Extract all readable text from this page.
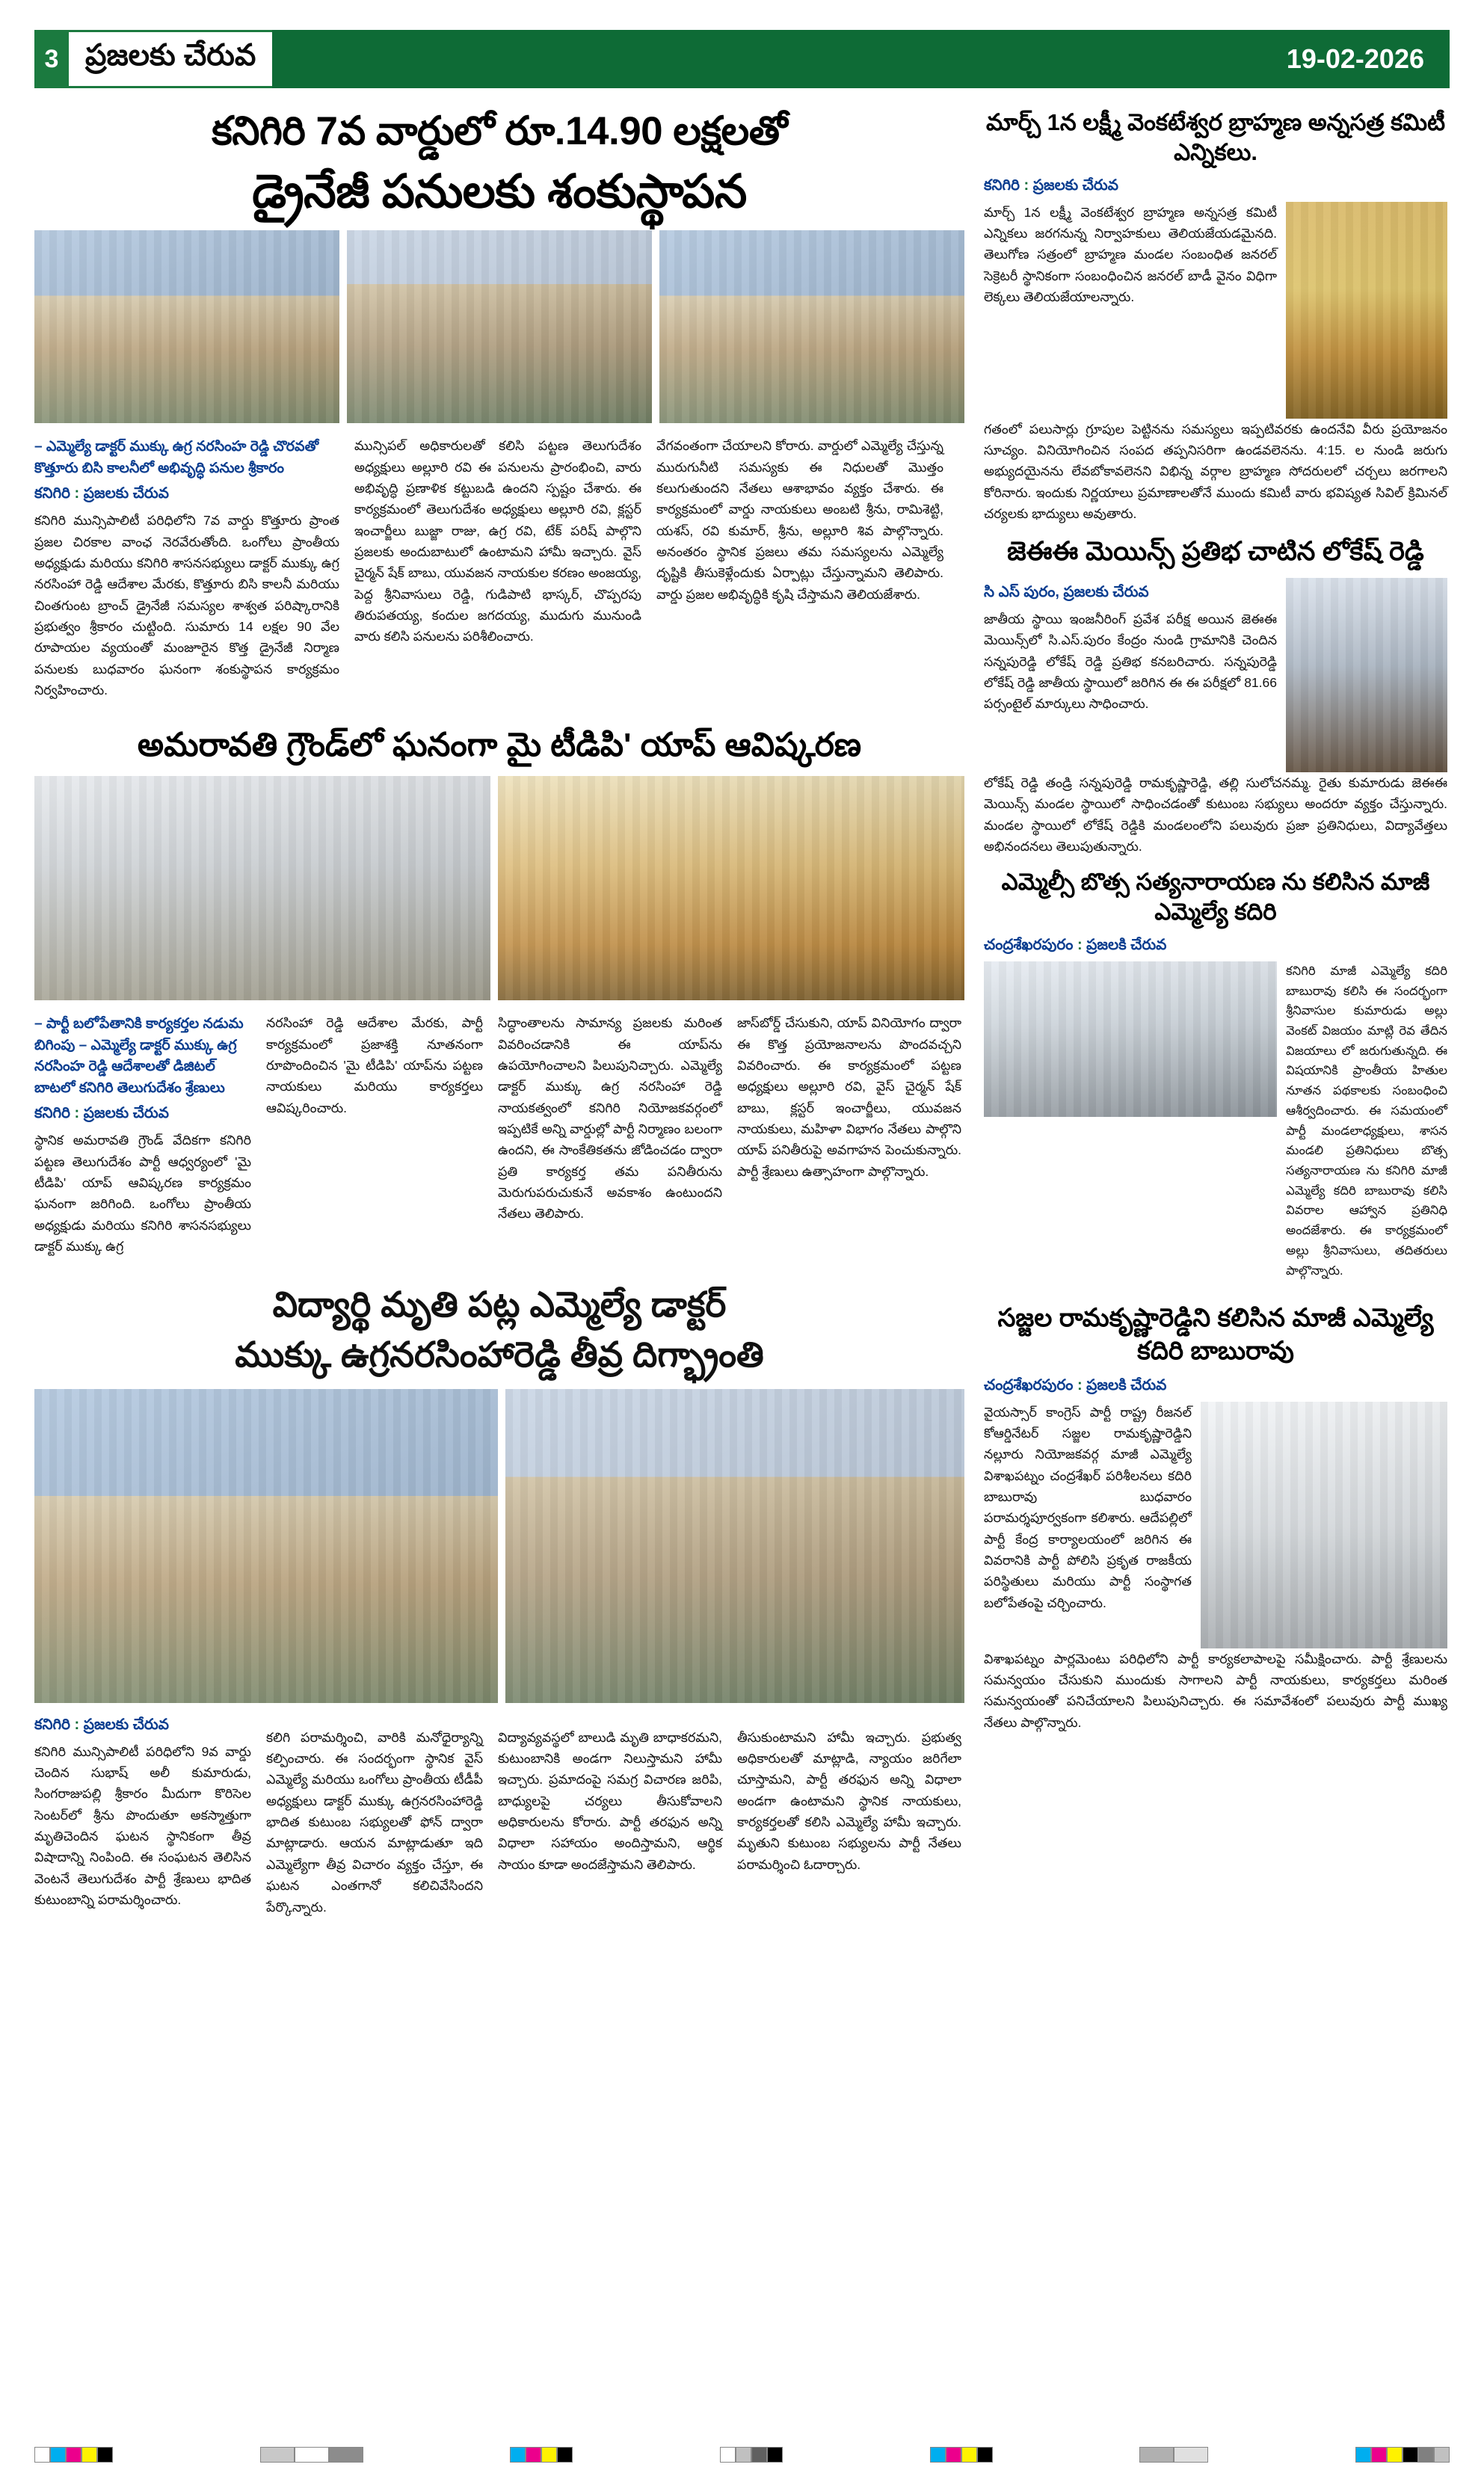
3 ప్రజలకు చేరువ	19-02-2026
కనిగిరి 7వ వార్డులో రూ.14.90 లక్షలతో
డ్రైనేజీ పనులకు శంకుస్థాపన
– ఎమ్మెల్యే డాక్టర్ ముక్కు ఉగ్ర నరసింహ రెడ్డి చొరవతో కొత్తూరు బిసి కాలనీలో అభివృద్ధి పనుల శ్రీకారం
కనిగిరి : ప్రజలకు చేరువ

కనిగిరి మున్సిపాలిటీ పరిధిలోని 7వ వార్డు కొత్తూరు ప్రాంత ప్రజల చిరకాల వాంఛ నెరవేరుతోంది. ఒంగోలు ప్రాంతీయ అధ్యక్షుడు మరియు కనిగిరి శాసనసభ్యులు డాక్టర్ ముక్కు ఉగ్ర నరసింహా రెడ్డి ఆదేశాల మేరకు, కొత్తూరు బిసి కాలనీ మరియు చింతగుంట బ్రాంచ్ డ్రైనేజీ సమస్యల శాశ్వత పరిష్కారానికి ప్రభుత్వం శ్రీకారం చుట్టింది. సుమారు 14 లక్షల 90 వేల రూపాయల వ్యయంతో మంజూరైన కొత్త డ్రైనేజీ నిర్మాణ పనులకు బుధవారం ఘనంగా శంకుస్థాపన కార్యక్రమం నిర్వహించారు.

మున్సిపల్ అధికారులతో కలిసి పట్టణ తెలుగుదేశం అధ్యక్షులు అల్లూరి రవి ఈ పనులను ప్రారంభించి, వారు అభివృద్ధి ప్రణాళిక కట్టుబడి ఉందని స్పష్టం చేశారు. ఈ కార్యక్రమంలో తెలుగుదేశం అధ్యక్షులు అల్లూరి రవి, క్లస్టర్ ఇంచార్జీలు బుజ్జా రాజు, ఉగ్ర రవి, టేక్ పరిష్ పాల్గొని ప్రజలకు అందుబాటులో ఉంటామని హామీ ఇచ్చారు. వైస్ చైర్మన్ షేక్ బాబు, యువజన నాయకుల కరణం అంజయ్య, పెద్ద శ్రీనివాసులు రెడ్డి, గుడిపాటి భాస్కర్, చొప్పరపు తిరుపతయ్య, కందుల జగదయ్య, ముదుగు మునుండి వారు కలిసి పనులను పరిశీలించారు.

వేగవంతంగా చేయాలని కోరారు. వార్డులో ఎమ్మెల్యే చేస్తున్న మురుగునీటి సమస్యకు ఈ నిధులతో మొత్తం కలుగుతుందని నేతలు ఆశాభావం వ్యక్తం చేశారు. ఈ కార్యక్రమంలో వార్డు నాయకులు అంబటి శ్రీను, రామిశెట్టి, యశస్, రవి కుమార్, శ్రీను, అల్లూరి శివ పాల్గొన్నారు. అనంతరం స్థానిక ప్రజలు తమ సమస్యలను ఎమ్మెల్యే దృష్టికి తీసుకెళ్లేందుకు ఏర్పాట్లు చేస్తున్నామని తెలిపారు. వార్డు ప్రజల అభివృద్ధికి కృషి చేస్తామని తెలియజేశారు.

అమరావతి గ్రౌండ్‌లో ఘనంగా మై టీడిపి' యాప్ ఆవిష్కరణ
– పార్టీ బలోపేతానికి కార్యకర్తల నడుమ బిగింపు – ఎమ్మెల్యే డాక్టర్ ముక్కు ఉగ్ర నరసింహ రెడ్డి ఆదేశాలతో డిజిటల్ బాటలో కనిగిరి తెలుగుదేశం శ్రేణులు
కనిగిరి : ప్రజలకు చేరువ

స్థానిక అమరావతి గ్రౌండ్ వేదికగా కనిగిరి పట్టణ తెలుగుదేశం పార్టీ ఆధ్వర్యంలో 'మై టీడిపి' యాప్ ఆవిష్కరణ కార్యక్రమం ఘనంగా జరిగింది. ఒంగోలు ప్రాంతీయ అధ్యక్షుడు మరియు కనిగిరి శాసనసభ్యులు డాక్టర్ ముక్కు ఉగ్ర

నరసింహా రెడ్డి ఆదేశాల మేరకు, పార్టీ కార్యక్రమంలో ప్రజాశక్తి నూతనంగా రూపొందించిన 'మై టీడిపి' యాప్‌ను పట్టణ నాయకులు మరియు కార్యకర్తలు ఆవిష్కరించారు.

సిద్ధాంతాలను సామాన్య ప్రజలకు మరింత వివరించడానికి ఈ యాప్‌ను ఉపయోగించాలని పిలుపునిచ్చారు. ఎమ్మెల్యే డాక్టర్ ముక్కు ఉగ్ర నరసింహా రెడ్డి నాయకత్వంలో కనిగిరి నియోజకవర్గంలో ఇప్పటికే అన్ని వార్డుల్లో పార్టీ నిర్మాణం బలంగా ఉందని, ఈ సాంకేతికతను జోడించడం ద్వారా ప్రతి కార్యకర్త తమ పనితీరును మెరుగుపరుచుకునే అవకాశం ఉంటుందని నేతలు తెలిపారు.

జాస్‌బోర్డ్ చేసుకుని, యాప్ వినియోగం ద్వారా ఈ కొత్త ప్రయోజనాలను పొందవచ్చని వివరించారు. ఈ కార్యక్రమంలో పట్టణ అధ్యక్షులు అల్లూరి రవి, వైస్ చైర్మన్ షేక్ బాబు, క్లస్టర్ ఇంచార్జీలు, యువజన నాయకులు, మహిళా విభాగం నేతలు పాల్గొని యాప్ పనితీరుపై అవగాహన పెంచుకున్నారు. పార్టీ శ్రేణులు ఉత్సాహంగా పాల్గొన్నారు.

విద్యార్థి మృతి పట్ల ఎమ్మెల్యే డాక్టర్
ముక్కు ఉగ్రనరసింహారెడ్డి తీవ్ర దిగ్భ్రాంతి
కనిగిరి : ప్రజలకు చేరువ

కనిగిరి మున్సిపాలిటీ పరిధిలోని 9వ వార్డు చెందిన సుభాష్ అలీ కుమారుడు, సింగరాజుపల్లి శ్రీకారం మీదుగా కొరిసెల సెంటర్‌లో శ్రీను పొందుతూ అకస్మాత్తుగా మృతిచెందిన ఘటన స్థానికంగా తీవ్ర విషాదాన్ని నింపింది. ఈ సంఘటన తెలిసిన వెంటనే తెలుగుదేశం పార్టీ శ్రేణులు భాదిత కుటుంబాన్ని పరామర్శించారు.

కలిగి పరామర్శించి, వారికి మనోధైర్యాన్ని కల్పించారు. ఈ సందర్భంగా స్థానిక వైస్ ఎమ్మెల్యే మరియు ఒంగోలు ప్రాంతీయ టీడీపీ అధ్యక్షులు డాక్టర్ ముక్కు ఉగ్రనరసింహారెడ్డి భాదిత కుటుంబ సభ్యులతో ఫోన్ ద్వారా మాట్లాడారు. ఆయన మాట్లాడుతూ ఇది ఎమ్మెల్యేగా తీవ్ర విచారం వ్యక్తం చేస్తూ, ఈ ఘటన ఎంతగానో కలిచివేసిందని పేర్కొన్నారు.

విద్యావ్యవస్థలో బాలుడి మృతి బాధాకరమని, కుటుంబానికి అండగా నిలుస్తామని హామీ ఇచ్చారు. ప్రమాదంపై సమగ్ర విచారణ జరిపి, బాధ్యులపై చర్యలు తీసుకోవాలని అధికారులను కోరారు. పార్టీ తరఫున అన్ని విధాలా సహాయం అందిస్తామని, ఆర్థిక సాయం కూడా అందజేస్తామని తెలిపారు.

తీసుకుంటామని హామీ ఇచ్చారు. ప్రభుత్వ అధికారులతో మాట్లాడి, న్యాయం జరిగేలా చూస్తామని, పార్టీ తరఫున అన్ని విధాలా అండగా ఉంటామని స్థానిక నాయకులు, కార్యకర్తలతో కలిసి ఎమ్మెల్యే హామీ ఇచ్చారు. మృతుని కుటుంబ సభ్యులను పార్టీ నేతలు పరామర్శించి ఓదార్చారు.

మార్చ్ 1న లక్ష్మీ వెంకటేశ్వర బ్రాహ్మణ అన్నసత్ర కమిటీ ఎన్నికలు.
కనిగిరి : ప్రజలకు చేరువ

మార్చ్ 1న లక్ష్మీ వెంకటేశ్వర బ్రాహ్మణ అన్నసత్ర కమిటీ ఎన్నికలు జరగనున్న నిర్వాహకులు తెలియజేయడమైనది. తెలుగోణ సత్రంలో బ్రాహ్మణ మండల సంబంధిత జనరల్ సెక్రెటరీ స్థానికంగా సంబంధించిన జనరల్ బాడీ వైనం విధిగా లెక్కలు తెలియజేయాలన్నారు.

గతంలో పలుసార్లు గ్రూపుల పెట్టినను సమస్యలు ఇప్పటివరకు ఉందనేవి వీరు ప్రయోజనం సూచ్యం. వినియోగించిన సంపద తప్పనిసరిగా ఉండవలెనను. 4:15. ల నుండి జరుగు అభ్యుదయైనను లేవబోకావలెనని విభిన్న వర్గాల బ్రాహ్మణ సోదరులలో చర్చలు జరగాలని కోరినారు. ఇందుకు నిర్ణయాలు ప్రమాణాలతోనే ముందు కమిటీ వారు భవిష్యత సివిల్ క్రిమినల్ చర్యలకు భాద్యులు అవుతారు.

జెఈఈ మెయిన్స్ ప్రతిభ చాటిన లోకేష్ రెడ్డి
సి ఎస్ పురం, ప్రజలకు చేరువ

జాతీయ స్థాయి ఇంజనీరింగ్ ప్రవేశ పరీక్ష అయిన జెఈఈ మెయిన్స్‌లో సి.ఎస్.పురం కేంద్రం నుండి గ్రామానికి చెందిన సన్నపురెడ్డి లోకేష్ రెడ్డి ప్రతిభ కనబరిచారు. సన్నపురెడ్డి లోకేష్ రెడ్డి జాతీయ స్థాయిలో జరిగిన ఈ ఈ పరీక్షలో 81.66 పర్సంటైల్ మార్కులు సాధించారు.

లోకేష్ రెడ్డి తండ్రి సన్నపురెడ్డి రామకృష్ణారెడ్డి, తల్లి సులోచనమ్మ. రైతు కుమారుడు జెఈఈ మెయిన్స్ మండల స్థాయిలో సాధించడంతో కుటుంబ సభ్యులు అందరూ వ్యక్తం చేస్తున్నారు. మండల స్థాయిలో లోకేష్ రెడ్డికి మండలంలోని పలువురు ప్రజా ప్రతినిధులు, విద్యావేత్తలు అభినందనలు తెలుపుతున్నారు.

ఎమ్మెల్సీ బొత్స సత్యనారాయణ ను కలిసిన మాజీ ఎమ్మెల్యే కదిరి
చంద్రశేఖరపురం : ప్రజలకి చేరువ

కనిగిరి మాజీ ఎమ్మెల్యే కదిరి బాబురావు కలిసి ఈ సందర్భంగా శ్రీనివాసుల కుమారుడు అల్లు వెంకట్ విజయం మాట్లి రెవ తేదిన విజయాలు లో జరుగుతున్నది. ఈ విషయానికి ప్రాంతీయ హితుల నూతన పథకాలకు సంబంధించి ఆశీర్వదించారు. ఈ సమయంలో పార్టీ మండలాధ్యక్షులు, శాసన మండలి ప్రతినిధులు బొత్స సత్యనారాయణ ను కనిగిరి మాజీ ఎమ్మెల్యే కదిరి బాబురావు కలిసి వివరాల ఆహ్వాన ప్రతినిధి అందజేశారు. ఈ కార్యక్రమంలో అల్లు శ్రీనివాసులు, తదితరులు పాల్గొన్నారు.

సజ్జల రామకృష్ణారెడ్డిని కలిసిన మాజీ ఎమ్మెల్యే కదిరి బాబురావు
చంద్రశేఖరపురం : ప్రజలకి చేరువ

వైయస్సార్ కాంగ్రెస్ పార్టీ రాష్ట్ర రీజనల్ కోఆర్డినేటర్ సజ్జల రామకృష్ణారెడ్డిని నల్లూరు నియోజకవర్గ మాజీ ఎమ్మెల్యే విశాఖపట్నం చంద్రశేఖర్ పరిశీలనలు కదిరి బాబురావు బుధవారం పరామర్శపూర్వకంగా కలిశారు. ఆదేపల్లిలో పార్టీ కేంద్ర కార్యాలయంలో జరిగిన ఈ వివరానికి పార్టీ పోలిసి ప్రకృత రాజకీయ పరిస్థితులు మరియు పార్టీ సంస్థాగత బలోపేతంపై చర్చించారు.

విశాఖపట్నం పార్లమెంటు పరిధిలోని పార్టీ కార్యకలాపాలపై సమీక్షించారు. పార్టీ శ్రేణులను సమన్వయం చేసుకుని ముందుకు సాగాలని పార్టీ నాయకులు, కార్యకర్తలు మరింత సమన్వయంతో పనిచేయాలని పిలుపునిచ్చారు. ఈ సమావేశంలో పలువురు పార్టీ ముఖ్య నేతలు పాల్గొన్నారు.
